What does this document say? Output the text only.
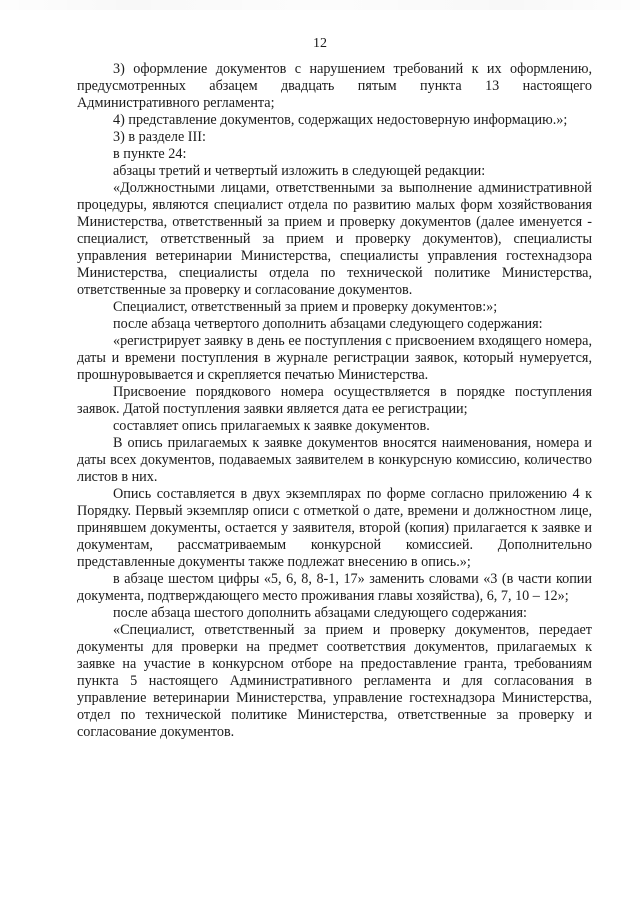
12

3) оформление документов с нарушением требований к их оформлению, предусмотренных абзацем двадцать пятым пункта 13 настоящего Административного регламента;

4) представление документов, содержащих недостоверную информацию.»;

3) в разделе III:

в пункте 24:

абзацы третий и четвертый изложить в следующей редакции:

«Должностными лицами, ответственными за выполнение административной процедуры, являются специалист отдела по развитию малых форм хозяйствования Министерства, ответственный за прием и проверку документов (далее именуется - специалист, ответственный за прием и проверку документов), специалисты управления ветеринарии Министерства, специалисты управления гостехнадзора Министерства, специалисты отдела по технической политике Министерства, ответственные за проверку и согласование документов.

Специалист, ответственный за прием и проверку документов:»;

после абзаца четвертого дополнить абзацами следующего содержания:

«регистрирует заявку в день ее поступления с присвоением входящего номера, даты и времени поступления в журнале регистрации заявок, который нумеруется, прошнуровывается и скрепляется печатью Министерства.

Присвоение порядкового номера осуществляется в порядке поступления заявок. Датой поступления заявки является дата ее регистрации;

составляет опись прилагаемых к заявке документов.

В опись прилагаемых к заявке документов вносятся наименования, номера и даты всех документов, подаваемых заявителем в конкурсную комиссию, количество листов в них.

Опись составляется в двух экземплярах по форме согласно приложению 4 к Порядку. Первый экземпляр описи с отметкой о дате, времени и должностном лице, принявшем документы, остается у заявителя, второй (копия) прилагается к заявке и документам, рассматриваемым конкурсной комиссией. Дополнительно представленные документы также подлежат внесению в опись.»;

в абзаце шестом цифры «5, 6, 8, 8-1, 17» заменить словами «3 (в части копии документа, подтверждающего место проживания главы хозяйства), 6, 7, 10 – 12»;

после абзаца шестого дополнить абзацами следующего содержания:

«Специалист, ответственный за прием и проверку документов, передает документы для проверки на предмет соответствия документов, прилагаемых к заявке на участие в конкурсном отборе на предоставление гранта, требованиям пункта 5 настоящего Административного регламента и для согласования в управление ветеринарии Министерства, управление гостехнадзора Министерства, отдел по технической политике Министерства, ответственные за проверку и согласование документов.
